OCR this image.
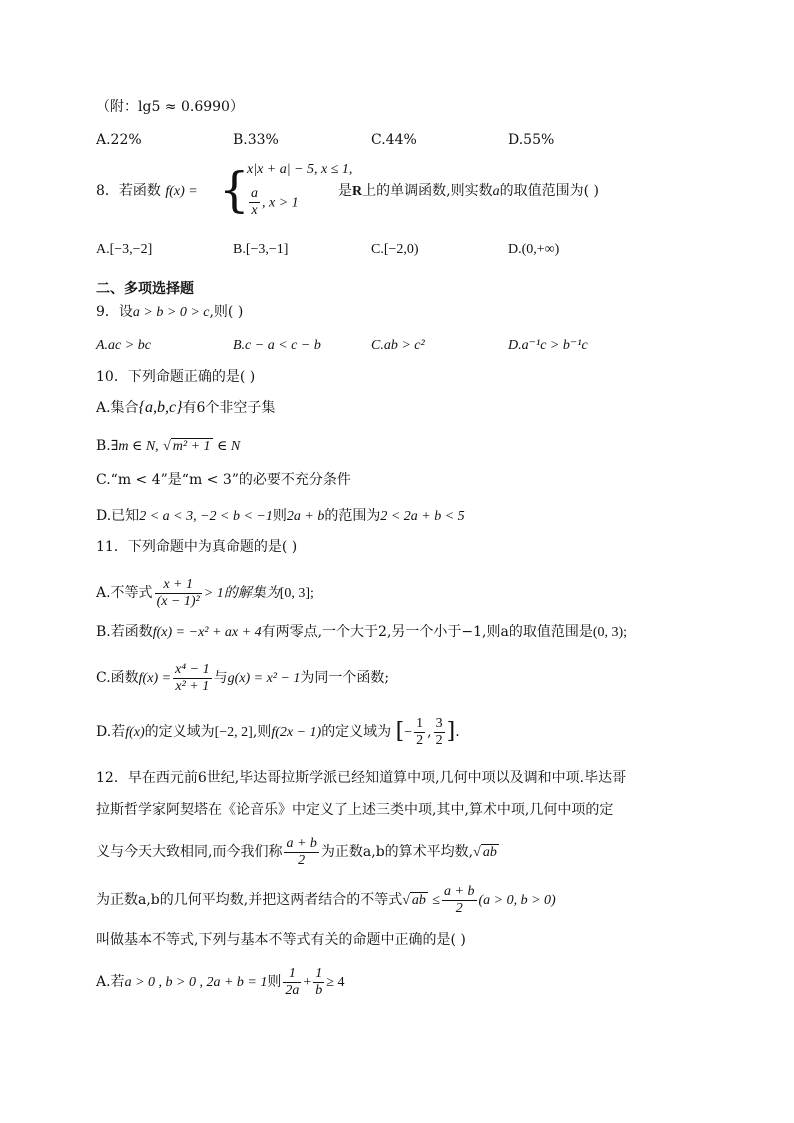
（附：lg5 ≈ 0.6990）
A.22%	B.33%	C.44%	D.55%
8．若函数 f(x) = {
x|x + a| − 5, x ≤ 1,
$\frac{a}{x}$ , x > 1
是R上的单调函数,则实数a的取值范围为( )
A.[−3,−2]	B.[−3,−1]	C.[−2,0)	D.(0,+∞)
二、多项选择题
9．设a > b > 0 > c,则( )
A.ac > bc	B.c − a < c − b	C.ab > c²	D.a⁻¹c > b⁻¹c
10．下列命题正确的是( )
A.集合{a,b,c}有6个非空子集
B.∃m ∈ N, √ m² + 1 ∈ N
C.“m < 4”是“m < 3”的必要不充分条件
D.已知2 < a < 3, −2 < b < −1则2a + b的范围为2 < 2a + b < 5
11．下列命题中为真命题的是( )
A.不等式 $\frac{x + 1}{\text{(x − 1)²}} > 1$的解集为[0, 3];
B.若函数f(x) = −x² + ax + 4有两零点,一个大于2,另一个小于−1,则a的取值范围是(0, 3);
C.函数$f(x) = \frac{\text{x⁴ − 1}}{\text{x² + 1}}$ 与g(x) = x² − 1为同一个函数;
D.若f(x)的定义域为[−2, 2],则f(2x − 1)的定义域为 [− $\frac{1}{2}$ , $\frac{3}{2}$ ].
12．早在西元前6世纪,毕达哥拉斯学派已经知道算中项,几何中项以及调和中项.毕达哥
拉斯哲学家阿契塔在《论音乐》中定义了上述三类中项,其中,算术中项,几何中项的定
义与今天大致相同,而今我们称 $\frac{a + b}{2}$ 为正数a,b的算术平均数,√ ab
为正数a,b的几何平均数,并把这两者结合的不等式√ ab ≤ $\frac{a + b}{2} (a > 0$, b > 0)
叫做基本不等式,下列与基本不等式有关的命题中正确的是( )
A.若a > 0 , b > 0 , 2a + b = 1则 $\frac{1}{2a} + \frac{1}{b} \ge 4$
